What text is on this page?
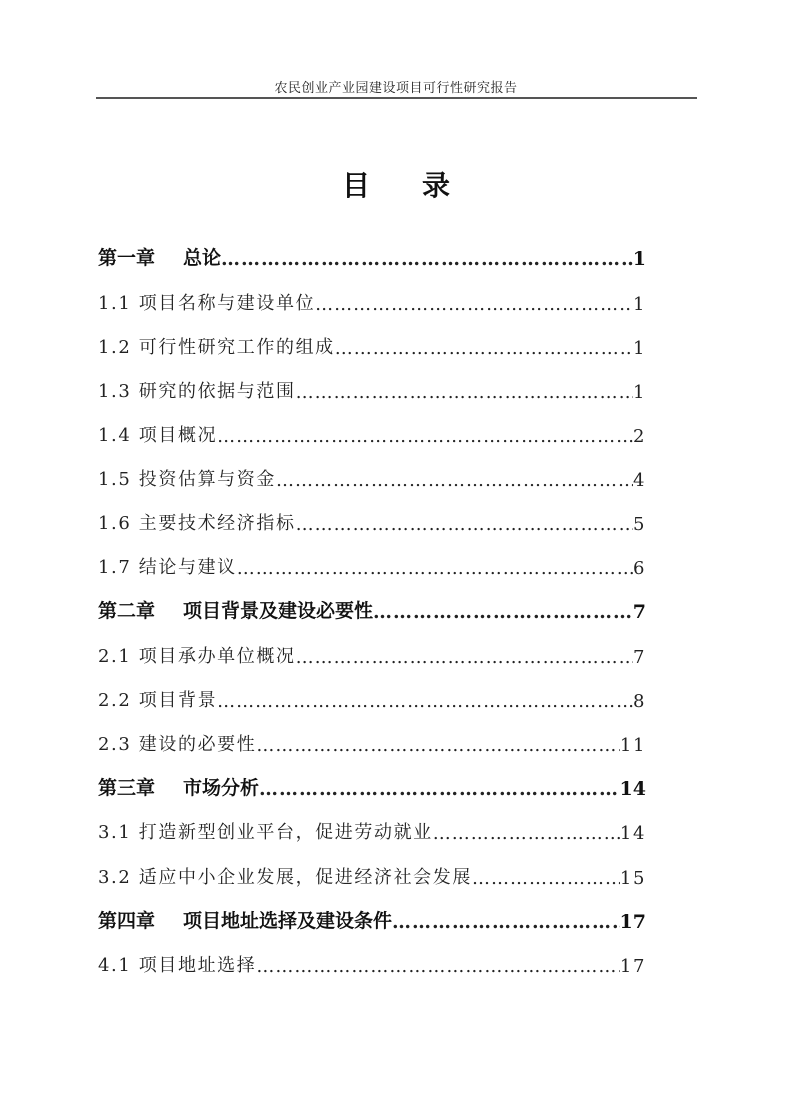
农民创业产业园建设项目可行性研究报告
目 录
第一章 总论 …………………………………………………………………………………………………………………………………………	1
1.1 项目名称与建设单位 …………………………………………………………………………………………………………………………………………	1
1.2 可行性研究工作的组成 …………………………………………………………………………………………………………………………………………	1
1.3 研究的依据与范围 …………………………………………………………………………………………………………………………………………	1
1.4 项目概况 …………………………………………………………………………………………………………………………………………	2
1.5 投资估算与资金 …………………………………………………………………………………………………………………………………………	4
1.6 主要技术经济指标 …………………………………………………………………………………………………………………………………………	5
1.7 结论与建议 …………………………………………………………………………………………………………………………………………	6
第二章 项目背景及建设必要性 …………………………………………………………………………………………………………………………………………	7
2.1 项目承办单位概况 …………………………………………………………………………………………………………………………………………	7
2.2 项目背景 …………………………………………………………………………………………………………………………………………	8
2.3 建设的必要性 …………………………………………………………………………………………………………………………………………	11
第三章 市场分析 …………………………………………………………………………………………………………………………………………	14
3.1 打造新型创业平台，促进劳动就业 …………………………………………………………………………………………………………………………………………	14
3.2 适应中小企业发展，促进经济社会发展 …………………………………………………………………………………………………………………………………………	15
第四章 项目地址选择及建设条件 …………………………………………………………………………………………………………………………………………	17
4.1 项目地址选择 …………………………………………………………………………………………………………………………………………	17
